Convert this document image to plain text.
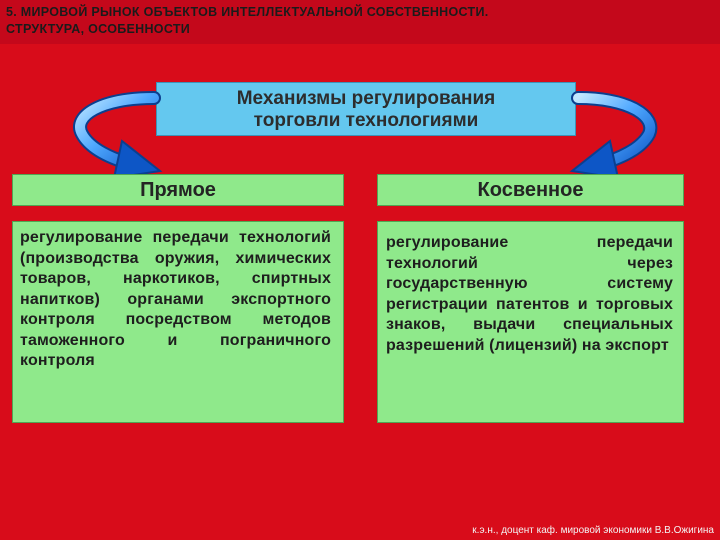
5. МИРОВОЙ РЫНОК ОБЪЕКТОВ ИНТЕЛЛЕКТУАЛЬНОЙ СОБСТВЕННОСТИ.
СТРУКТУРА, ОСОБЕННОСТИ
Механизмы регулирования
торговли технологиями
Прямое	Косвенное
регулирование передачи технологий (производства оружия, химических товаров, наркотиков, спиртных напитков) органами экспортного контроля посредством методов таможенного и пограничного контроля
регулирование передачи технологий через государственную систему регистрации патентов и торговых знаков, выдачи специальных разрешений (лицензий) на экспорт
к.э.н., доцент каф. мировой экономики В.В.Ожигина
